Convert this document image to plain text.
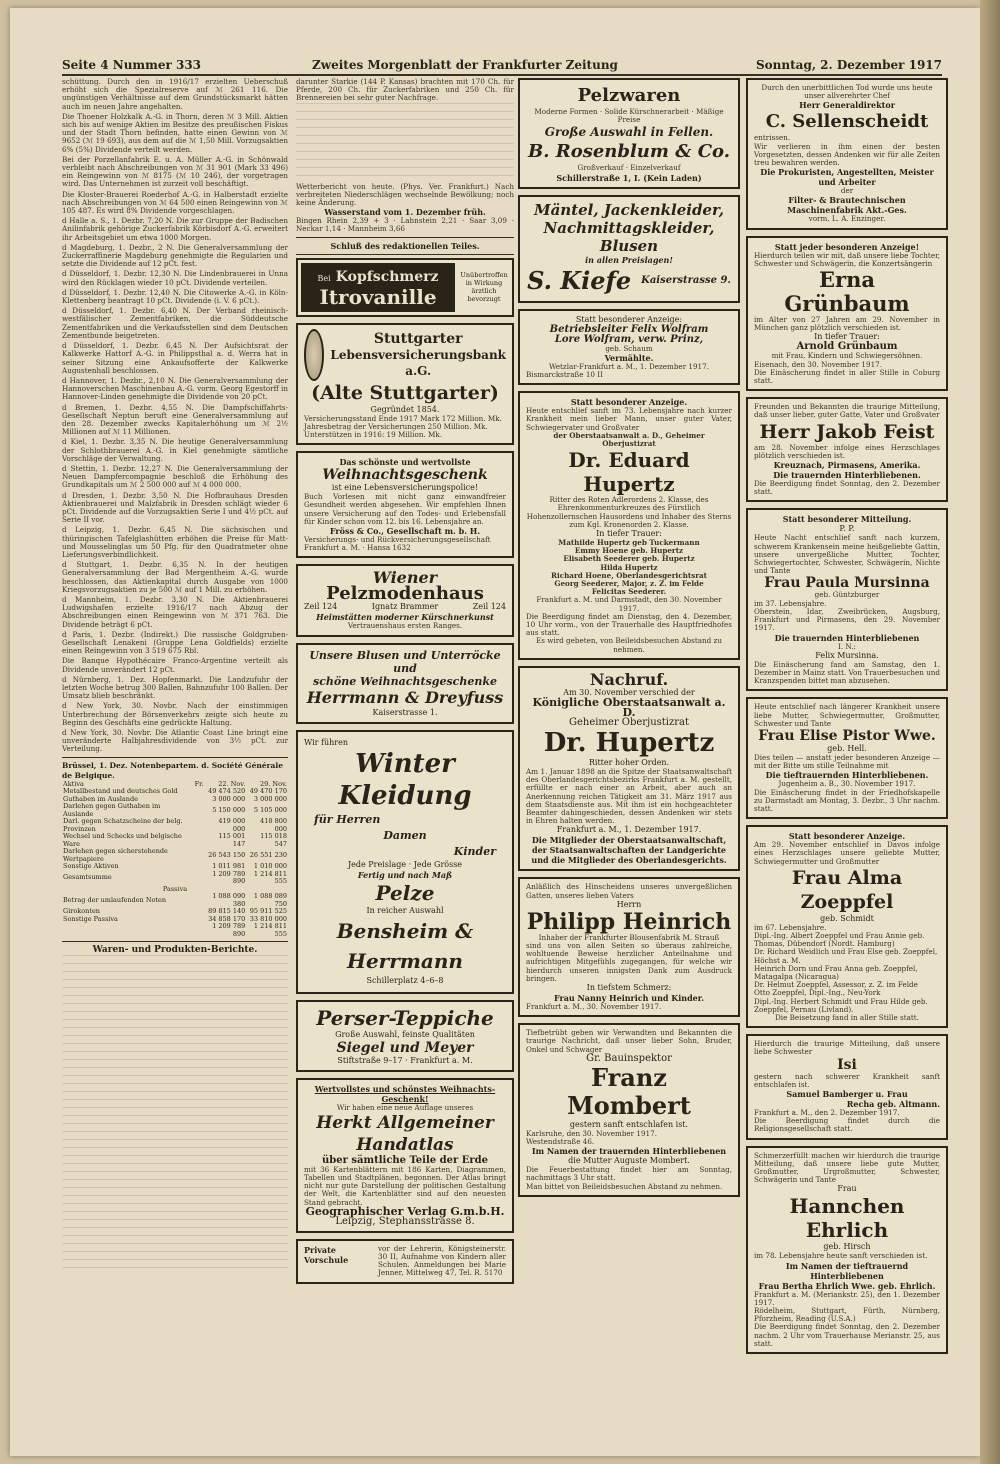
Seite 4 Nummer 333	Zweites Morgenblatt der Frankfurter Zeitung	Sonntag, 2. Dezember 1917
schüttung. Durch den in 1916/17 erzielten Ueberschuß erhöht sich die Spezialreserve auf ℳ 261 116. Die ungünstigen Verhältnisse auf dem Grundstücksmarkt hätten auch im neuen Jahre angehalten.
Die Thoener Holzkalk A.-G. in Thorn, deren ℳ 3 Mill. Aktien sich bis auf wenige Aktien im Besitze des preußischen Fiskus und der Stadt Thorn befinden, hatte einen Gewinn von ℳ 9652 (ℳ 19 693), aus dem auf die ℳ 1,50 Mill. Vorzugsaktien 6% (5%) Dividende verteilt werden.
Bei der Porzellanfabrik E. u. A. Müller A.-G. in Schönwald verbleibt nach Abschreibungen von ℳ 31 901 (Mark 33 496) ein Reingewinn von ℳ 8175 (ℳ 10 246), der vorgetragen wird. Das Unternehmen ist zurzeit voll beschäftigt.
Die Kloster-Brauerei Roederhof A.-G. in Halberstadt erzielte nach Abschreibungen von ℳ 64 500 einen Reingewinn von ℳ 105 487. Es wird 8% Dividende vorgeschlagen.
d Halle a. S., 1. Dezbr. 7,20 N. Die zur Gruppe der Badischen Anilinfabrik gehörige Zuckerfabrik Körbisdorf A.-G. erweitert ihr Arbeitsgebiet um etwa 1000 Morgen.
d Magdeburg, 1. Dezbr., 2 N. Die Generalversammlung der Zuckerraffinerie Magdeburg genehmigte die Regularien und setzte die Dividende auf 12 pCt. fest.
d Düsseldorf, 1. Dezbr. 12,30 N. Die Lindenbrauerei in Unna wird den Rücklagen wieder 10 pCt. Dividende verteilen.
d Düsseldorf, 1. Dezbr. 12,40 N. Die Citowerke A.-G. in Köln-Klettenberg beantragt 10 pCt. Dividende (i. V. 6 pCt.).
d Düsseldorf, 1. Dezbr. 6,40 N. Der Verband rheinisch-westfälischer Zementfabriken, die Süddeutsche Zementfabriken und die Verkaufsstellen sind dem Deutschen Zementbunde beigetreten.
d Düsseldorf, 1. Dezbr. 6,45 N. Der Aufsichtsrat der Kalkwerke Hattorf A.-G. in Philippsthal a. d. Werra hat in seiner Sitzung eine Ankaufsofferte der Kalkwerke Augustenhall beschlossen.
d Hannover, 1. Dezbr., 2,10 N. Die Generalversammlung der Hannoverschen Maschinenbau A.-G. vorm. Georg Egestorff in Hannover-Linden genehmigte die Dividende von 20 pCt.
d Bremen, 1. Dezbr. 4,55 N. Die Dampfschiffahrts-Gesellschaft Neptun beruft eine Generalversammlung auf den 28. Dezember zwecks Kapitalerhöhung um ℳ 2½ Millionen auf ℳ 11 Millionen.
d Kiel, 1. Dezbr. 3,35 N. Die heutige Generalversammlung der Schlothbrauerei A.-G. in Kiel genehmigte sämtliche Vorschläge der Verwaltung.
d Stettin, 1. Dezbr. 12,27 N. Die Generalversammlung der Neuen Dampfercompagnie beschloß die Erhöhung des Grundkapitals um ℳ 2 500 000 auf ℳ 4 000 000.
d Dresden, 1. Dezbr. 3,50 N. Die Hofbrauhaus Dresden Aktienbrauerei und Malzfabrik in Dresden schlägt wieder 6 pCt. Dividende auf die Vorzugsaktien Serie I und 4½ pCt. auf Serie II vor.
d Leipzig, 1. Dezbr. 6,45 N. Die sächsischen und thüringischen Tafelglashütten erhöhen die Preise für Matt- und Mousselinglas um 50 Pfg. für den Quadratmeter ohne Lieferungsverbindlichkeit.
d Stuttgart, 1. Dezbr. 6,35 N. In der heutigen Generalversammlung der Bad Mergentheim A.-G. wurde beschlossen, das Aktienkapital durch Ausgabe von 1000 Kriegsvorzugsaktien zu je 500 ℳ auf 1 Mill. zu erhöhen.
d Mannheim, 1. Dezbr. 3,30 N. Die Aktienbrauerei Ludwigshafen erzielte 1916/17 nach Abzug der Abschreibungen einen Reingewinn von ℳ 371 763. Die Dividende beträgt 6 pCt.
d Paris, 1. Dezbr. (Indirekt.) Die russische Goldgruben-Gesellschaft Lenakeni (Gruppe Lena Goldfields) erzielte einen Reingewinn von 3 519 675 Rbl.
Die Banque Hypothécaire Franco-Argentine verteilt als Dividende unverändert 12 pCt.
d Nürnberg, 1. Dez. Hopfenmarkt. Die Landzufuhr der letzten Woche betrug 300 Ballen, Bahnzufuhr 100 Ballen. Der Umsatz blieb beschränkt.
d New York, 30. Novbr. Nach der einstimmigen Unterbrechung der Börsenverkehrs zeigte sich heute zu Beginn des Geschäfts eine gedrückte Haltung.
d New York, 30. Novbr. Die Atlantic Coast Line bringt eine unveränderte Halbjahresdividende von 3½ pCt. zur Verteilung.
Brüssel, 1. Dez. Notenbepartem. d. Société Générale de Belgique.
Aktiva	Fr.	22. Nov.	29. Nov.
Metallbestand und deutsches Gold		49 474 520	49 470 170
Guthaben im Auslande		3 000 000	3 000 000
Darlehen gegen Guthaben im Auslande		5 150 000	5 105 000
Darl. gegen Schatzscheine der belg. Provinzen		419 000 000	418 800 000
Wechsel und Schecks und belgische Ware		115 001 147	115 018 547
Darlehen gegen sicherstehende Wertpapiere		26 543 150	26 551 230
Sonstige Aktiven		1 011 981	1 010 000
Gesamtsumme		1 209 789 890	1 214 811 555
Passiva			
Betrag der umlaufenden Noten		1 088 090 380	1 088 089 750
Girokonten		89 815 140	95 911 525
Sonstige Passiva		34 858 170	33 810 000
		1 209 789 890	1 214 811 555
Waren- und Produkten-Berichte.
darunter Starkie (144 P. Kansas) brachten mit 170 Ch. für Pferde, 200 Ch. für Zuckerfabriken und 250 Ch. für Brennereien bei sehr guter Nachfrage.
Wetterbericht von heute. (Phys. Ver. Frankfurt.) Nach verbreiteten Niederschlägen wechselnde Bewölkung; noch keine Änderung.
Wasserstand vom 1. Dezember früh.
Bingen Rhein 2,39 + 3 · Lahnstein 2,21 · Saar 3,09 · Neckar 1,14 · Mannheim 3,66
Schluß des redaktionellen Teiles.
Bei Kopfschmerz
Itrovanille
Unübertroffen in Wirkung ärztlich bevorzugt
Stuttgarter
Lebensversicherungsbank a.G.
(Alte Stuttgarter)
Gegründet 1854.
Versicherungsstand Ende 1917 Mark 172 Million. Mk.
Jahresbetrag der Versicherungen 250 Million. Mk.
Unterstützen in 1916: 19 Million. Mk.
Das schönste und wertvollste
Weihnachtsgeschenk
ist eine Lebensversicherungspolice!
Buch Vorlesen mit nicht ganz einwandfreier Gesundheit werden abgesehen. Wir empfehlen Ihnen unsere Versicherung auf den Todes- und Erlebensfall für Kinder schon vom 12. bis 16. Lebensjahre an.
Fröss & Co., Gesellschaft m. b. H.
Versicherungs- und Rückversicherungsgesellschaft
Frankfurt a. M. · Hansa 1632
Wiener
Pelzmodenhaus
Zeil 124	Ignatz Brammer	Zeil 124
Heimstätten moderner Kürschnerkunst
Vertrauenshaus ersten Ranges.
Unsere Blusen und Unterröcke
und
schöne Weihnachtsgeschenke
Herrmann & Dreyfuss
Kaiserstrasse 1.
Wir führen
Winter Kleidung
für Herren
Damen
Kinder
Jede Preislage · Jede Grösse
Fertig und nach Maß
Pelze
In reicher Auswahl
Bensheim & Herrmann
Schillerplatz 4–6–8
Perser-Teppiche
Große Auswahl, feinste Qualitäten
Siegel und Meyer
Stiftstraße 9–17 · Frankfurt a. M.
Wertvollstes und schönstes Weihnachts-Geschenk!
Wir haben eine neue Auflage unseres
Herkt Allgemeiner Handatlas
über sämtliche Teile der Erde
mit 36 Kartenblättern mit 186 Karten, Diagrammen, Tabellen und Stadtplänen, begonnen. Der Atlas bringt nicht nur gute Darstellung der politischen Gestaltung der Welt, die Kartenblätter sind auf den neuesten Stand gebracht.
Geographischer Verlag G.m.b.H.
Leipzig, Stephansstrasse 8.
Private Vorschule
vor der Lehrerin, Königsteinerstr. 30 II, Aufnahme von Kindern aller Schulen. Anmeldungen bei Marie Jenner, Mittelweg 47, Tel. R. 5170
Pelzwaren
Moderne Formen · Solide Kürschnerarbeit · Mäßige Preise
Große Auswahl in Fellen.
B. Rosenblum & Co.
Großverkauf · Einzelverkauf
Schillerstraße 1, I. (Kein Laden)
Mäntel, Jackenkleider,
Nachmittagskleider, Blusen
in allen Preislagen!
S. Kiefe Kaiserstrasse 9.
Statt besonderer Anzeige:
Betriebsleiter Felix Wolfram
Lore Wolfram, verw. Prinz,
geb. Schaum
Vermählte.
Wetzlar-Frankfurt a. M., 1. Dezember 1917.
Bismarckstraße 10 II
Statt besonderer Anzeige.
Heute entschlief sanft im 73. Lebensjahre nach kurzer Krankheit mein lieber Mann, unser guter Vater, Schwiegervater und Großvater
der Oberstaatsanwalt a. D., Geheimer Oberjustizrat
Dr. Eduard Hupertz
Ritter des Roten Adlerordens 2. Klasse, des Ehrenkommenturkreuzes des Fürstlich Hohenzollernschen Hausordens und Inhaber des Sterns zum Kgl. Kronenorden 2. Klasse.
In tiefer Trauer:
Mathilde Hupertz geb Tuckermann
Emmy Hoene geb. Hupertz
Elisabeth Seederer geb. Hupertz
Hilda Hupertz
Richard Hoene, Oberlandesgerichtsrat
Georg Seederer, Major, z. Z. im Felde
Felicitas Seederer.
Frankfurt a. M. und Darmstadt, den 30. November 1917.
Die Beerdigung findet am Dienstag, den 4. Dezember, 10 Uhr vorm., von der Trauerhalle des Hauptfriedhofes aus statt.
Es wird gebeten, von Beileidsbesuchen Abstand zu nehmen.
Nachruf.
Am 30. November verschied der
Königliche Oberstaatsanwalt a. D.
Geheimer Oberjustizrat
Dr. Hupertz
Ritter hoher Orden.
Am 1. Januar 1898 an die Spitze der Staatsanwaltschaft des Oberlandesgerichtsbezirks Frankfurt a. M. gestellt, erfüllte er nach einer an Arbeit, aber auch an Anerkennung reichen Tätigkeit am 31. März 1917 aus dem Staatsdienste aus. Mit ihm ist ein hochgeachteter Beamter dahingeschieden, dessen Andenken wir stets in Ehren halten werden.
Frankfurt a. M., 1. Dezember 1917.
Die Mitglieder der Oberstaatsanwaltschaft, der Staatsanwaltschaften der Landgerichte und die Mitglieder des Oberlandesgerichts.
Anläßlich des Hinscheidens unseres unvergeßlichen Gatten, unseres lieben Vaters
Herrn
Philipp Heinrich
Inhaber der Frankfurter Blousenfabrik M. Strauß
sind uns von allen Seiten so überaus zahlreiche, wohltuende Beweise herzlicher Anteilnahme und aufrichtigen Mitgefühls zugegangen, für welche wir hierdurch unseren innigsten Dank zum Ausdruck bringen.
In tiefstem Schmerz:
Frau Nanny Heinrich und Kinder.
Frankfurt a. M., 30. November 1917.
Tiefbetrübt geben wir Verwandten und Bekannten die traurige Nachricht, daß unser lieber Sohn, Bruder, Onkel und Schwager
Gr. Bauinspektor
Franz Mombert
gestern sanft entschlafen ist.
Karlsruhe, den 30. November 1917.
Westendstraße 46.
Im Namen der trauernden Hinterbliebenen
die Mutter Auguste Mombert.
Die Feuerbestattung findet hier am Sonntag, nachmittags 3 Uhr statt.
Man bittet von Beileidsbesuchen Abstand zu nehmen.
Durch den unerbittlichen Tod wurde uns heute unser allverehrter Chef
Herr Generaldirektor
C. Sellenscheidt
entrissen.
Wir verlieren in ihm einen der besten Vorgesetzten, dessen Andenken wir für alle Zeiten treu bewahren werden.
Die Prokuristen, Angestellten, Meister und Arbeiter
der
Filter- & Brautechnischen Maschinenfabrik Akt.-Ges.
vorm. L. A. Enzinger.
Statt jeder besonderen Anzeige!
Hierdurch teilen wir mit, daß unsere liebe Tochter, Schwester und Schwägerin, die Konzertsängerin
Erna Grünbaum
im Alter von 27 Jahren am 29. November in München ganz plötzlich verschieden ist.
In tiefer Trauer:
Arnold Grünbaum
mit Frau, Kindern und Schwiegersöhnen.
Eisenach, den 30. November 1917.
Die Einäscherung findet in aller Stille in Coburg statt.
Freunden und Bekannten die traurige Mitteilung, daß unser lieber, guter Gatte, Vater und Großvater
Herr Jakob Feist
am 28. November infolge eines Herzschlages plötzlich verschieden ist.
Kreuznach, Pirmasens, Amerika.
Die trauernden Hinterbliebenen.
Die Beerdigung findet Sonntag, den 2. Dezember statt.
Statt besonderer Mitteilung.
P. P.
Heute Nacht entschlief sanft nach kurzem, schwerem Krankensein meine heißgeliebte Gattin, unsere unvergeßliche Mutter, Tochter, Schwiegertochter, Schwester, Schwägerin, Nichte und Tante
Frau Paula Mursinna
geb. Güntzburger
im 37. Lebensjahre.
Oberstein, Idar, Zweibrücken, Augsburg, Frankfurt und Pirmasens, den 29. November 1917.
Die trauernden Hinterbliebenen
I. N.:
Felix Mursinna.
Die Einäscherung fand am Samstag, den 1. Dezember in Mainz statt. Von Trauerbesuchen und Kranzspenden bittet man abzusehen.
Heute entschlief nach längerer Krankheit unsere liebe Mutter, Schwiegermutter, Großmutter, Schwester und Tante
Frau Elise Pistor Wwe.
geb. Hell.
Dies teilen — anstatt jeder besonderen Anzeige — mit der Bitte um stille Teilnahme mit
Die tieftrauernden Hinterbliebenen.
Jugenheim a. B., 30. November 1917.
Die Einäscherung findet in der Friedhofskapelle zu Darmstadt am Montag, 3. Dezbr., 3 Uhr nachm. statt.
Statt besonderer Anzeige.
Am 29. November entschlief in Davos infolge eines Herzschlages unsere geliebte Mutter, Schwiegermutter und Großmutter
Frau Alma Zoeppfel
geb. Schmidt
im 67. Lebensjahre.
Dipl.-Ing. Albert Zoeppfel und Frau Annie geb. Thomas, Dübendorf (Nordt. Hamburg)
Dr. Richard Weidlich und Frau Else geb. Zoeppfel, Höchst a. M.
Heinrich Dorn und Frau Anna geb. Zoeppfel, Matagalpa (Nicaragua)
Dr. Helmut Zoeppfel, Assessor, z. Z. im Felde
Otto Zoeppfel, Dipl.-Ing., Neu-York
Dipl.-Ing. Herbert Schmidt und Frau Hilde geb. Zoeppfel, Pernau (Livland).
Die Beisetzung fand in aller Stille statt.
Hierdurch die traurige Mitteilung, daß unsere liebe Schwester
Isi
gestern nach schwerer Krankheit sanft entschlafen ist.
Samuel Bamberger u. Frau
Recha geb. Altmann.
Frankfurt a. M., den 2. Dezember 1917.
Die Beerdigung findet durch die Religionsgesellschaft statt.
Schmerzerfüllt machen wir hierdurch die traurige Mitteilung, daß unsere liebe gute Mutter, Großmutter, Urgroßmutter, Schwester, Schwägerin und Tante
Frau
Hannchen Ehrlich
geb. Hirsch
im 78. Lebensjahre heute sanft verschieden ist.
Im Namen der tieftrauernd Hinterbliebenen
Frau Bertha Ehrlich Wwe. geb. Ehrlich.
Frankfurt a. M. (Meriankstr. 25), den 1. Dezember 1917.
Rödelheim, Stuttgart, Fürth, Nürnberg, Pforzheim, Reading (U.S.A.)
Die Beerdigung findet Sonntag, den 2. Dezember nachm. 2 Uhr vom Trauerhause Merianstr. 25, aus statt.
